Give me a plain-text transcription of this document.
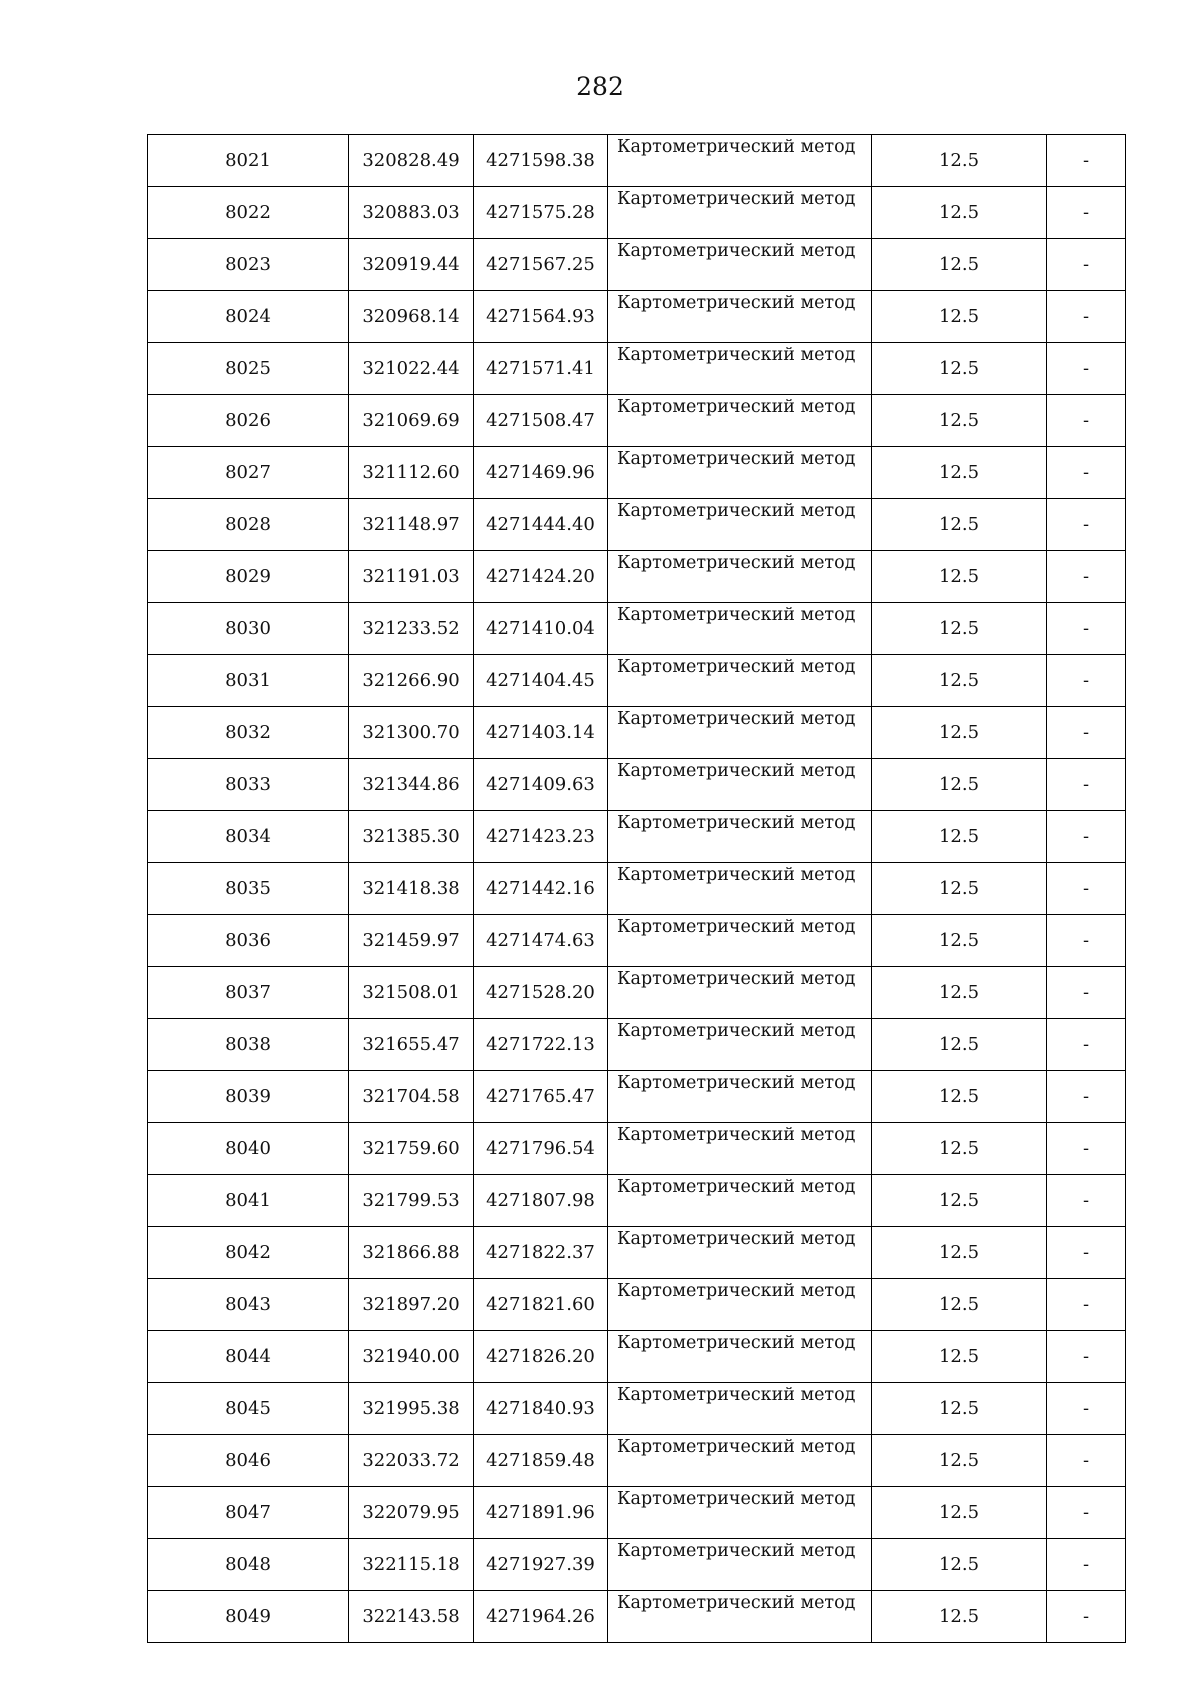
282
8021	320828.49	4271598.38	Картометрический метод	12.5	-
8022	320883.03	4271575.28	Картометрический метод	12.5	-
8023	320919.44	4271567.25	Картометрический метод	12.5	-
8024	320968.14	4271564.93	Картометрический метод	12.5	-
8025	321022.44	4271571.41	Картометрический метод	12.5	-
8026	321069.69	4271508.47	Картометрический метод	12.5	-
8027	321112.60	4271469.96	Картометрический метод	12.5	-
8028	321148.97	4271444.40	Картометрический метод	12.5	-
8029	321191.03	4271424.20	Картометрический метод	12.5	-
8030	321233.52	4271410.04	Картометрический метод	12.5	-
8031	321266.90	4271404.45	Картометрический метод	12.5	-
8032	321300.70	4271403.14	Картометрический метод	12.5	-
8033	321344.86	4271409.63	Картометрический метод	12.5	-
8034	321385.30	4271423.23	Картометрический метод	12.5	-
8035	321418.38	4271442.16	Картометрический метод	12.5	-
8036	321459.97	4271474.63	Картометрический метод	12.5	-
8037	321508.01	4271528.20	Картометрический метод	12.5	-
8038	321655.47	4271722.13	Картометрический метод	12.5	-
8039	321704.58	4271765.47	Картометрический метод	12.5	-
8040	321759.60	4271796.54	Картометрический метод	12.5	-
8041	321799.53	4271807.98	Картометрический метод	12.5	-
8042	321866.88	4271822.37	Картометрический метод	12.5	-
8043	321897.20	4271821.60	Картометрический метод	12.5	-
8044	321940.00	4271826.20	Картометрический метод	12.5	-
8045	321995.38	4271840.93	Картометрический метод	12.5	-
8046	322033.72	4271859.48	Картометрический метод	12.5	-
8047	322079.95	4271891.96	Картометрический метод	12.5	-
8048	322115.18	4271927.39	Картометрический метод	12.5	-
8049	322143.58	4271964.26	Картометрический метод	12.5	-
